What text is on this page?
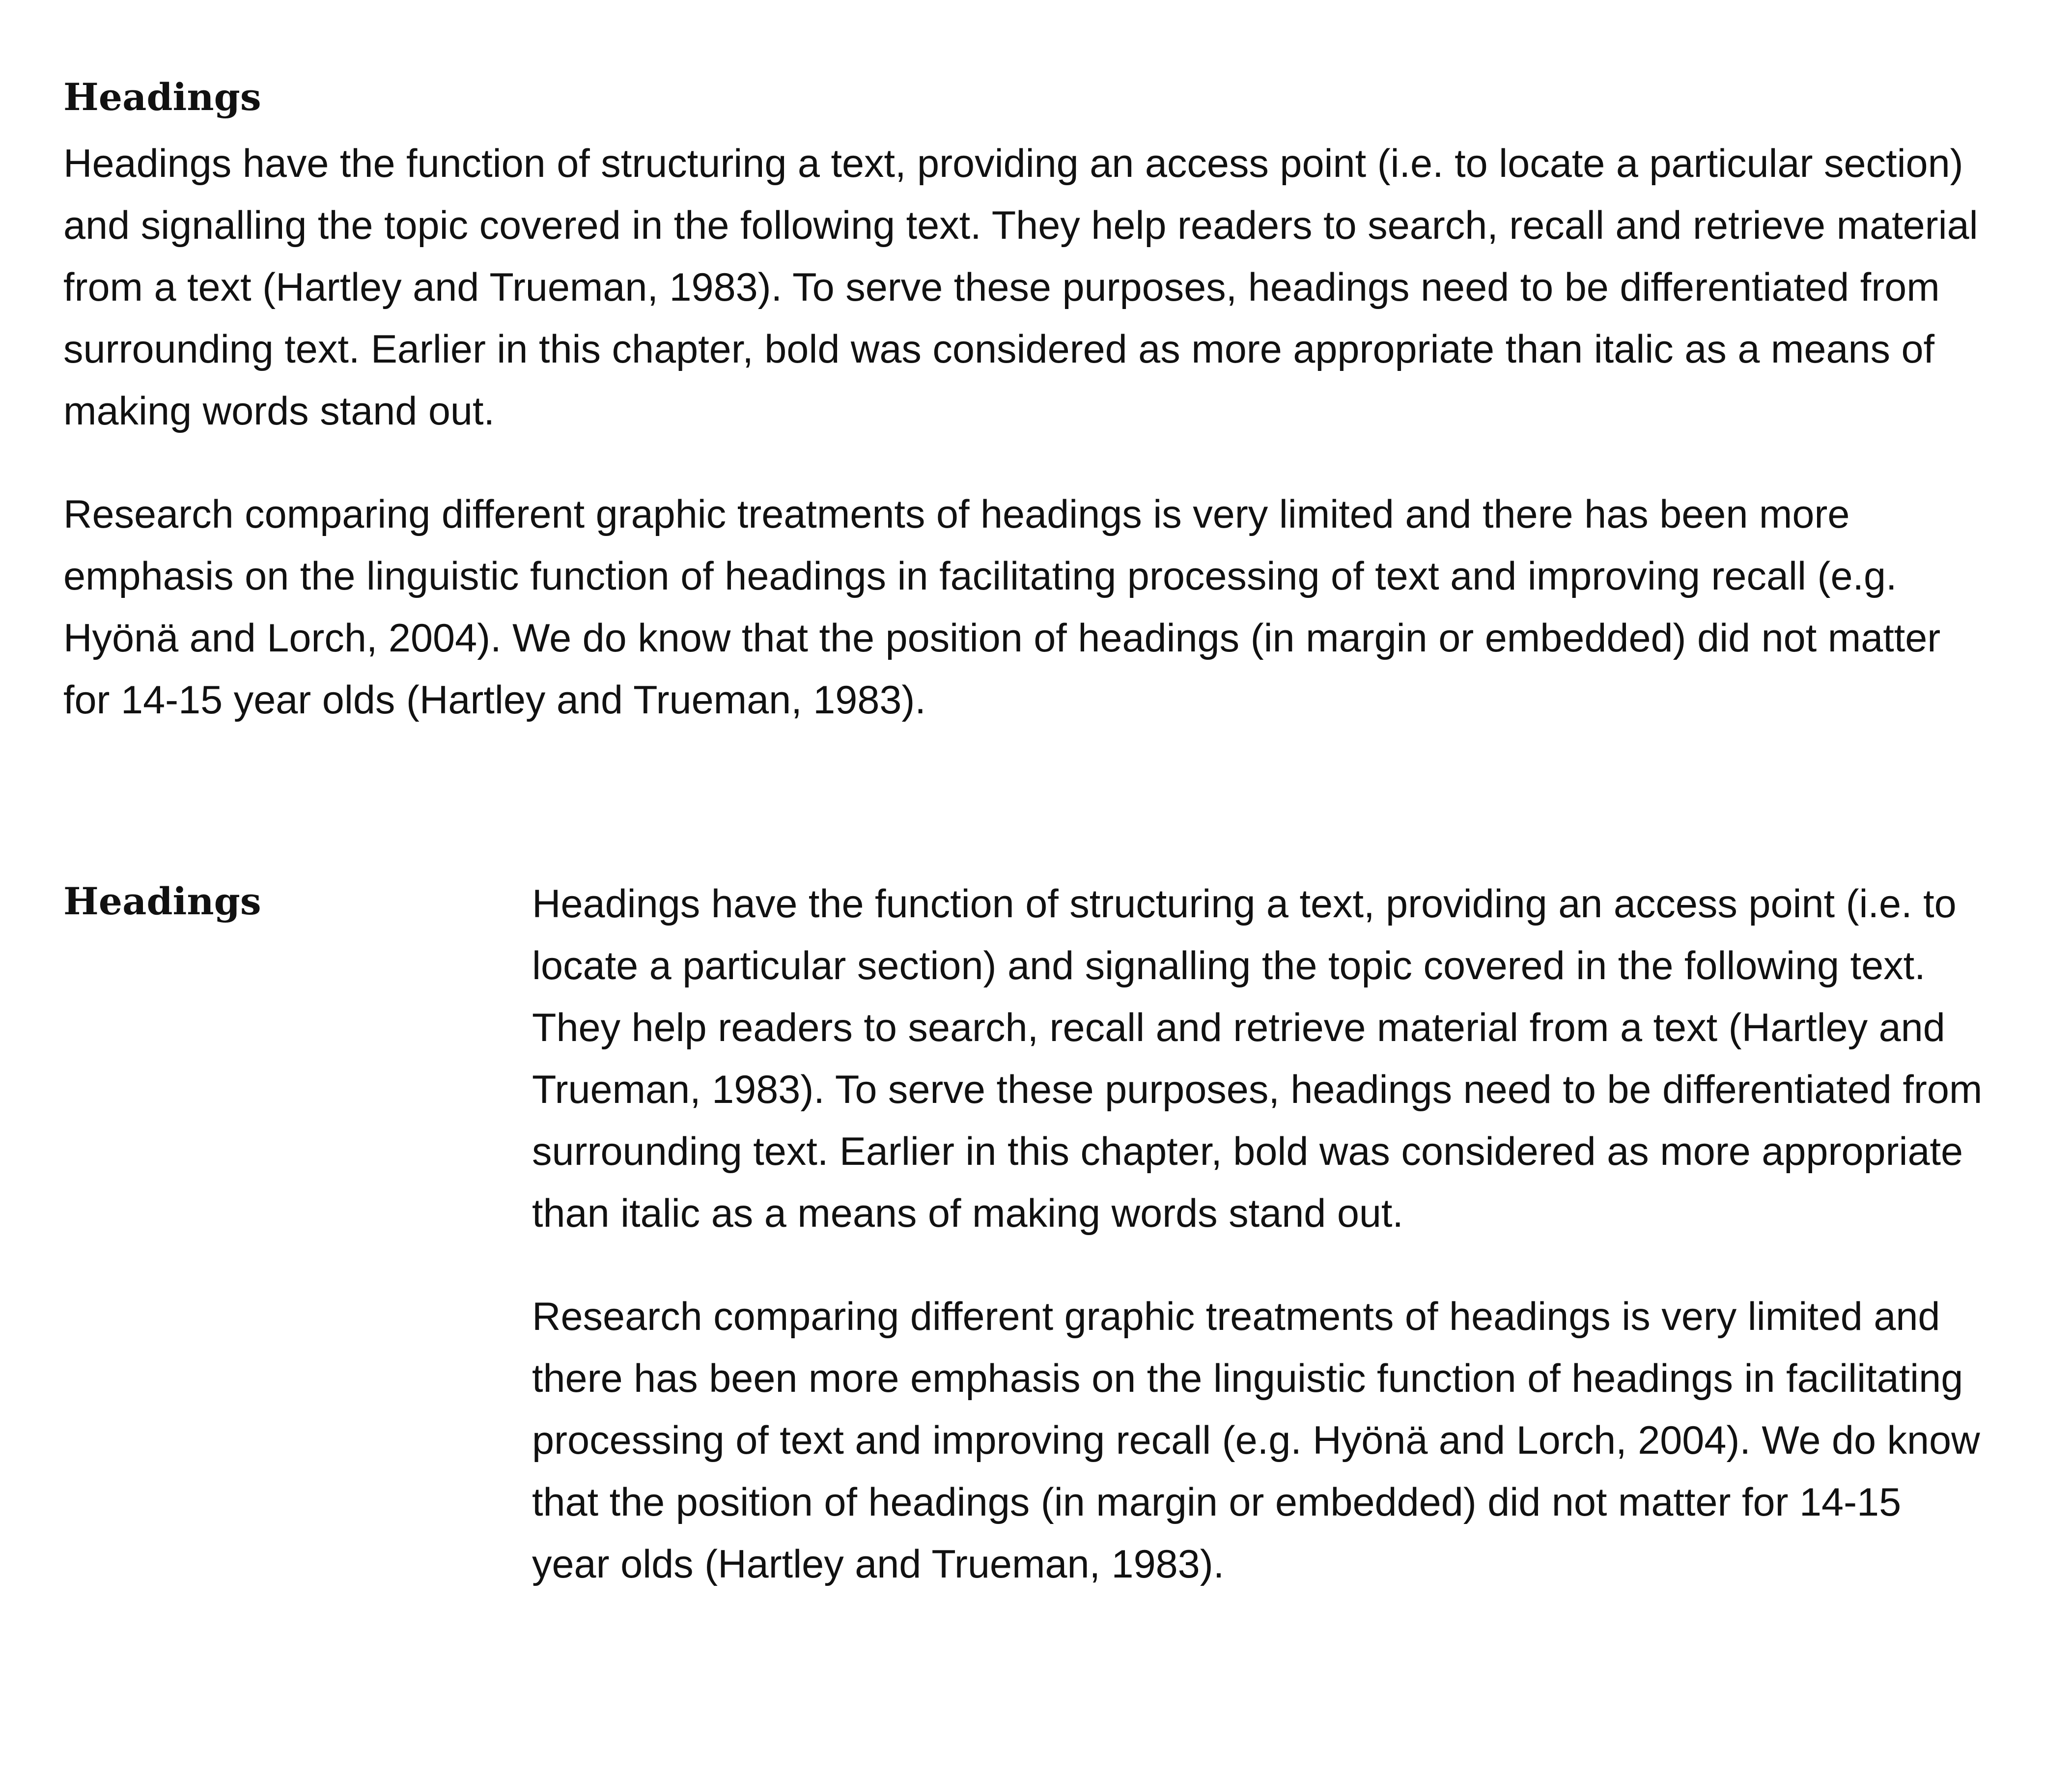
Headings

Headings have the function of structuring a text, providing an access point (i.e. to locate a particular section) and signalling the topic covered in the following text. They help readers to search, recall and retrieve material from a text (Hartley and Trueman, 1983). To serve these purposes, headings need to be differentiated from surrounding text. Earlier in this chapter, bold was considered as more appropriate than italic as a means of making words stand out.

Research comparing different graphic treatments of headings is very limited and there has been more emphasis on the linguistic function of headings in facilitating processing of text and improving recall (e.g. Hyönä and Lorch, 2004). We do know that the position of headings (in margin or embedded) did not matter for 14-15 year olds (Hartley and Trueman, 1983).

Headings	Headings have the function of structuring a text, providing an access point (i.e. to locate a particular section) and signalling the topic covered in the following text. They help readers to search, recall and retrieve material from a text (Hartley and Trueman, 1983). To serve these purposes, headings need to be differentiated from surrounding text. Earlier in this chapter, bold was considered as more appropriate than italic as a means of making words stand out.

Research comparing different graphic treatments of headings is very limited and there has been more emphasis on the linguistic function of headings in facilitating processing of text and improving recall (e.g. Hyönä and Lorch, 2004). We do know that the position of headings (in margin or embedded) did not matter for 14-15 year olds (Hartley and Trueman, 1983).
